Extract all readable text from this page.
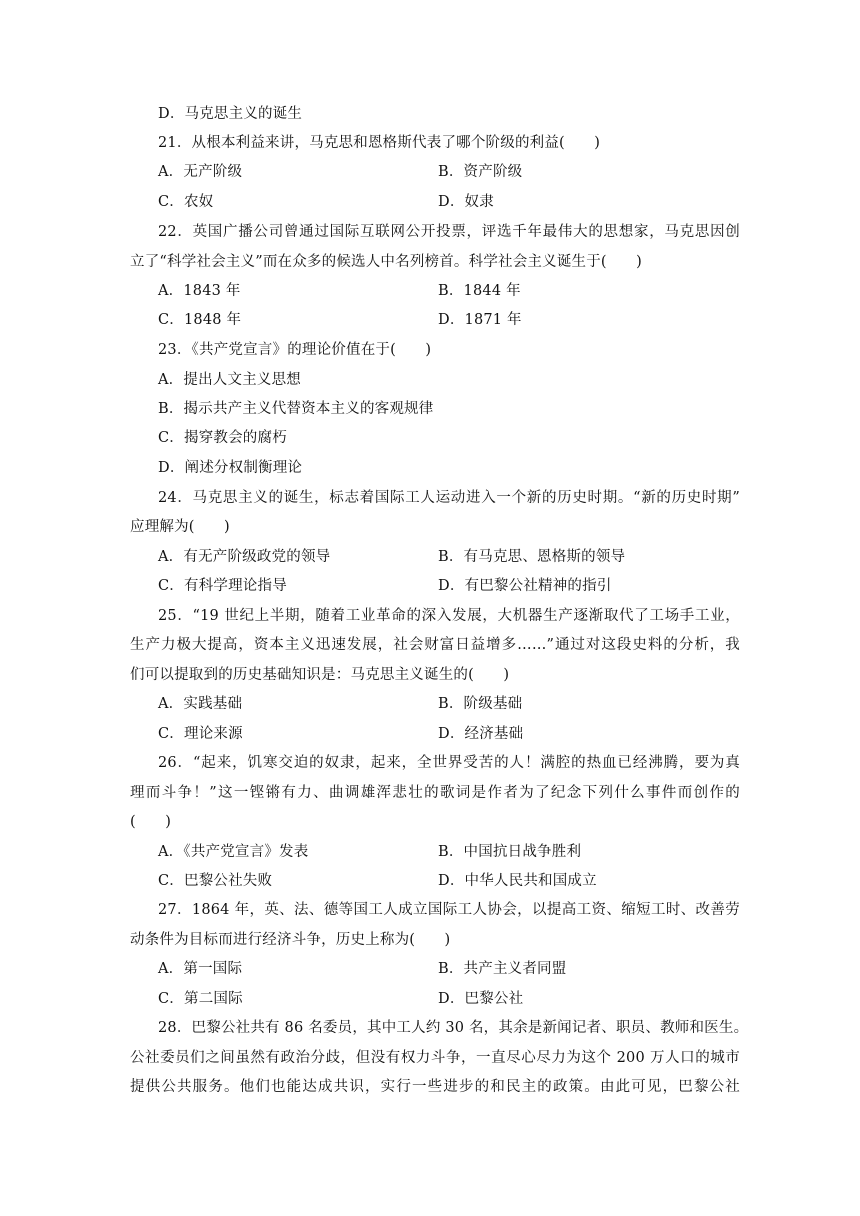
D．马克思主义的诞生
21．从根本利益来讲，马克思和恩格斯代表了哪个阶级的利益(　　)
A．无产阶级	B．资产阶级
C．农奴	D．奴隶
22．英国广播公司曾通过国际互联网公开投票，评选千年最伟大的思想家，马克思因创
立了“科学社会主义”而在众多的候选人中名列榜首。科学社会主义诞生于(　　)
A．1843 年	B．1844 年
C．1848 年	D．1871 年
23．《共产党宣言》的理论价值在于(　　)
A．提出人文主义思想
B．揭示共产主义代替资本主义的客观规律
C．揭穿教会的腐朽
D．阐述分权制衡理论
24．马克思主义的诞生，标志着国际工人运动进入一个新的历史时期。“新的历史时期”
应理解为(　　)
A．有无产阶级政党的领导	B．有马克思、恩格斯的领导
C．有科学理论指导	D．有巴黎公社精神的指引
25．“19 世纪上半期，随着工业革命的深入发展，大机器生产逐渐取代了工场手工业，
生产力极大提高，资本主义迅速发展，社会财富日益增多……”通过对这段史料的分析，我
们可以提取到的历史基础知识是：马克思主义诞生的(　　)
A．实践基础	B．阶级基础
C．理论来源	D．经济基础
26．“起来，饥寒交迫的奴隶，起来，全世界受苦的人！满腔的热血已经沸腾，要为真
理而斗争！”这一铿锵有力、曲调雄浑悲壮的歌词是作者为了纪念下列什么事件而创作的
(　　)
A．《共产党宣言》发表	B．中国抗日战争胜利
C．巴黎公社失败	D．中华人民共和国成立
27．1864 年，英、法、德等国工人成立国际工人协会，以提高工资、缩短工时、改善劳
动条件为目标而进行经济斗争，历史上称为(　　)
A．第一国际	B．共产主义者同盟
C．第二国际	D．巴黎公社
28．巴黎公社共有 86 名委员，其中工人约 30 名，其余是新闻记者、职员、教师和医生。
公社委员们之间虽然有政治分歧，但没有权力斗争，一直尽心尽力为这个 200 万人口的城市
提供公共服务。他们也能达成共识，实行一些进步的和民主的政策。由此可见，巴黎公社
